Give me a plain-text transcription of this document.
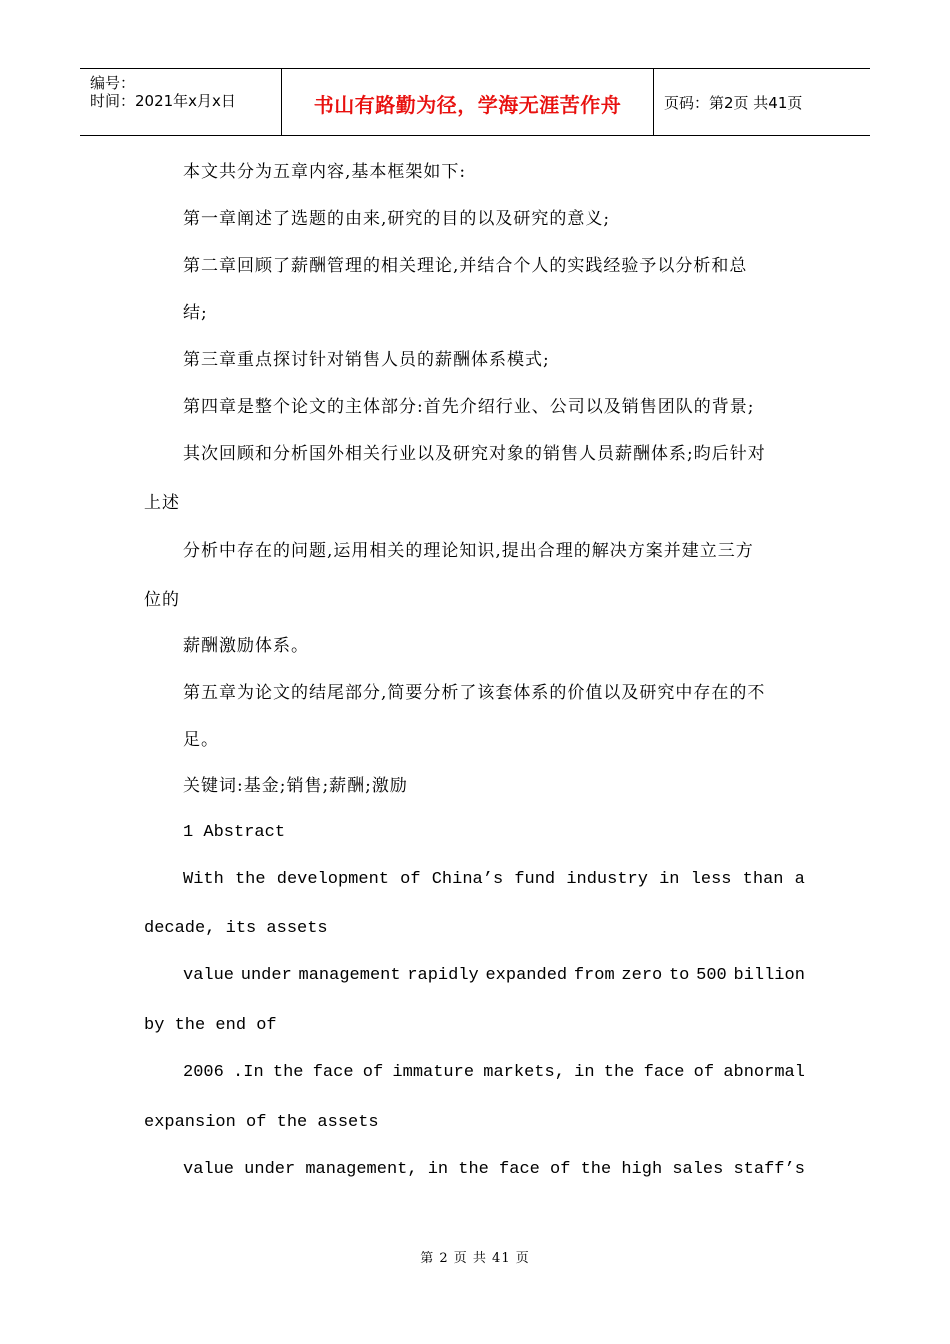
编号：
时间：2021年x月x日	书山有路勤为径，学海无涯苦作舟	页码：第2页 共41页
本文共分为五章内容,基本框架如下:
第一章阐述了选题的由来,研究的目的以及研究的意义;
第二章回顾了薪酬管理的相关理论,并结合个人的实践经验予以分析和总
结;
第三章重点探讨针对销售人员的薪酬体系模式;
第四章是整个论文的主体部分:首先介绍行业、公司以及销售团队的背景;
其次回顾和分析国外相关行业以及研究对象的销售人员薪酬体系;昀后针对
上述
分析中存在的问题,运用相关的理论知识,提出合理的解决方案并建立三方
位的
薪酬激励体系。
第五章为论文的结尾部分,简要分析了该套体系的价值以及研究中存在的不
足。
关键词:基金;销售;薪酬;激励
1 Abstract
With the development of China’s fund industry in less than a
decade, its assets
value under management rapidly expanded from zero to 500 billion
by the end of
2006 .In the face of immature markets, in the face of abnormal
expansion of the assets
value under management, in the face of the high sales staff’s
第 2 页 共 41 页
